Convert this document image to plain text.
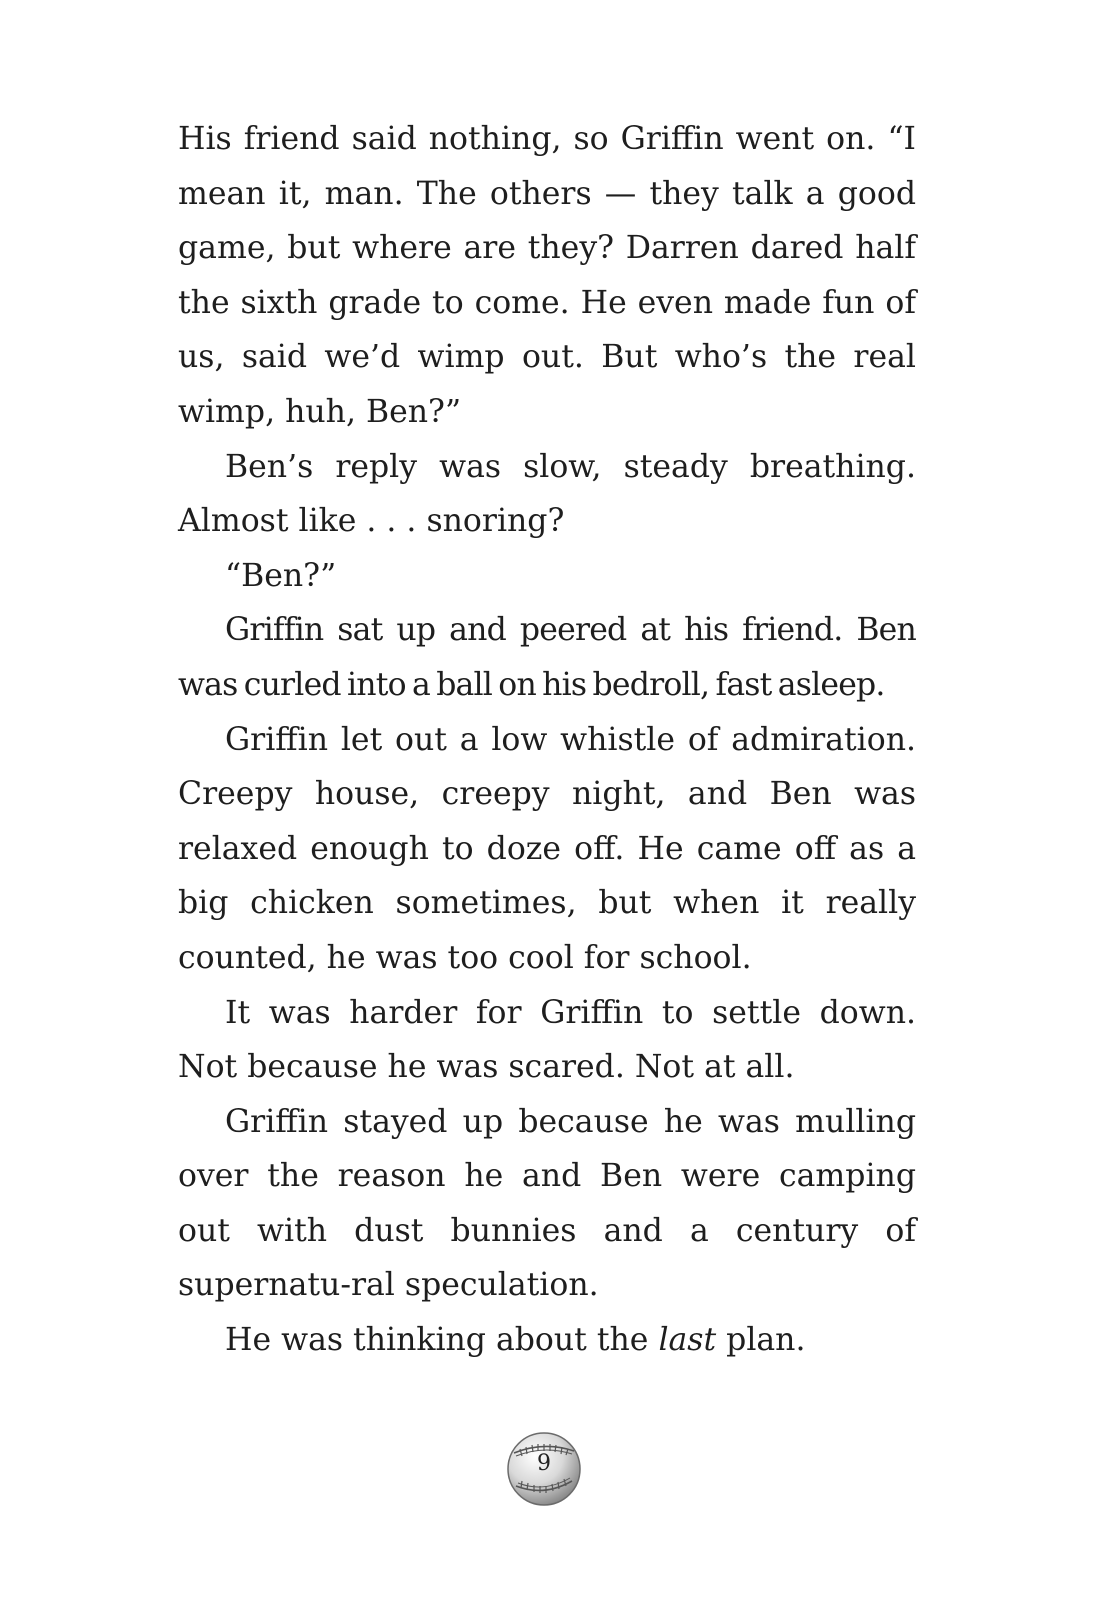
His friend said nothing, so Griffin went on. “I mean it, man. The others — they talk a good game, but where are they? Darren dared half the sixth grade to come. He even made fun of us, said we’d wimp out. But who’s the real wimp, huh, Ben?”

Ben’s reply was slow, steady breathing. Almost like . . . snoring?

“Ben?”

Griffin sat up and peered at his friend. Ben was curled into a ball on his bedroll, fast asleep.

Griffin let out a low whistle of admiration. Creepy house, creepy night, and Ben was relaxed enough to doze off. He came off as a big chicken sometimes, but when it really counted, he was too cool for school.

It was harder for Griffin to settle down. Not because he was scared. Not at all.

Griffin stayed up because he was mulling over the reason he and Ben were camping out with dust bunnies and a century of supernatu-ral speculation.

He was thinking about the last plan.

9
